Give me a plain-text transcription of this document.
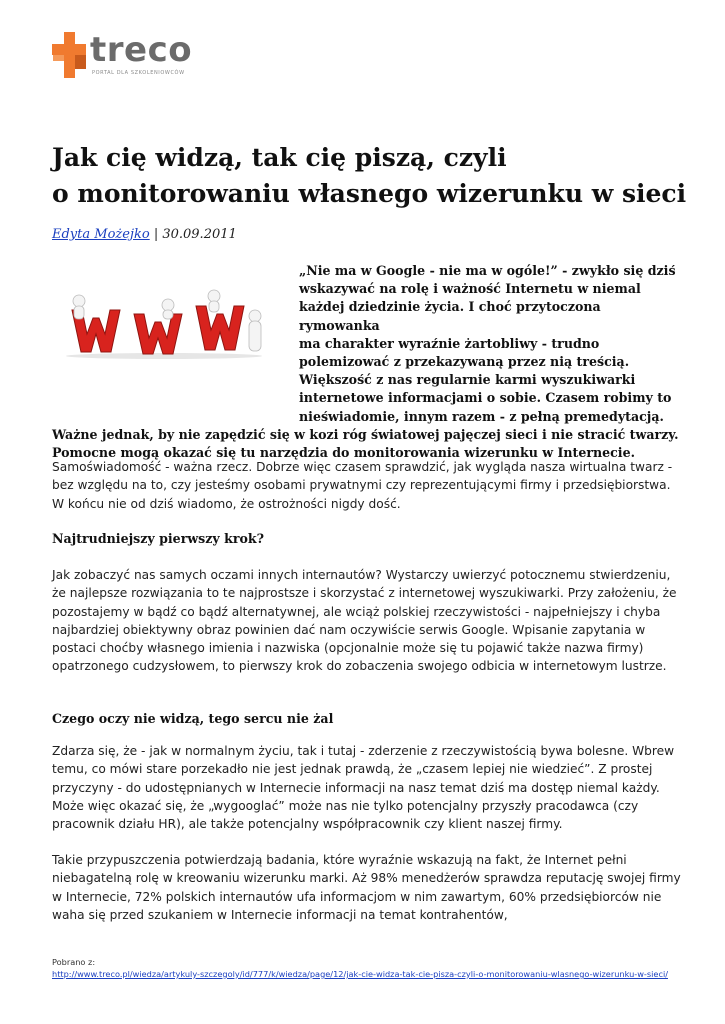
treco
PORTAL DLA SZKOLENIOWCÓW
Jak cię widzą, tak cię piszą, czyli
o monitorowaniu własnego wizerunku w sieci
Edyta Możejko | 30.09.2011
„Nie ma w Google - nie ma w ogóle!” - zwykło się dziś
wskazywać na rolę i ważność Internetu w niemal
każdej dziedzinie życia. I choć przytoczona rymowanka
ma charakter wyraźnie żartobliwy - trudno
polemizować z przekazywaną przez nią treścią.
Większość z nas regularnie karmi wyszukiwarki
internetowe informacjami o sobie. Czasem robimy to
nieświadomie, innym razem - z pełną premedytacją.
Ważne jednak, by nie zapędzić się w kozi róg światowej pajęczej sieci i nie stracić twarzy.
Pomocne mogą okazać się tu narzędzia do monitorowania wizerunku w Internecie.

Samoświadomość - ważna rzecz. Dobrze więc czasem sprawdzić, jak wygląda nasza wirtualna twarz - bez względu na to, czy jesteśmy osobami prywatnymi czy reprezentującymi firmy i przedsiębiorstwa. W końcu nie od dziś wiadomo, że ostrożności nigdy dość.

Najtrudniejszy pierwszy krok?

Jak zobaczyć nas samych oczami innych internautów? Wystarczy uwierzyć potocznemu stwierdzeniu, że najlepsze rozwiązania to te najprostsze i skorzystać z internetowej wyszukiwarki. Przy założeniu, że pozostajemy w bądź co bądź alternatywnej, ale wciąż polskiej rzeczywistości - najpełniejszy i chyba najbardziej obiektywny obraz powinien dać nam oczywiście serwis Google. Wpisanie zapytania w postaci choćby własnego imienia i nazwiska (opcjonalnie może się tu pojawić także nazwa firmy) opatrzonego cudzysłowem, to pierwszy krok do zobaczenia swojego odbicia w internetowym lustrze.

Czego oczy nie widzą, tego sercu nie żal

Zdarza się, że - jak w normalnym życiu, tak i tutaj - zderzenie z rzeczywistością bywa bolesne. Wbrew temu, co mówi stare porzekadło nie jest jednak prawdą, że „czasem lepiej nie wiedzieć”. Z prostej przyczyny - do udostępnianych w Internecie informacji na nasz temat dziś ma dostęp niemal każdy. Może więc okazać się, że „wygooglać” może nas nie tylko potencjalny przyszły pracodawca (czy pracownik działu HR), ale także potencjalny współpracownik czy klient naszej firmy.

Takie przypuszczenia potwierdzają badania, które wyraźnie wskazują na fakt, że Internet pełni niebagatelną rolę w kreowaniu wizerunku marki. Aż 98% menedżerów sprawdza reputację swojej firmy w Internecie, 72% polskich internautów ufa informacjom w nim zawartym, 60% przedsiębiorców nie waha się przed szukaniem w Internecie informacji na temat kontrahentów,

Pobrano z:
http://www.treco.pl/wiedza/artykuly-szczegoly/id/777/k/wiedza/page/12/jak-cie-widza-tak-cie-pisza-czyli-o-monitorowaniu-wlasnego-wizerunku-w-sieci/
